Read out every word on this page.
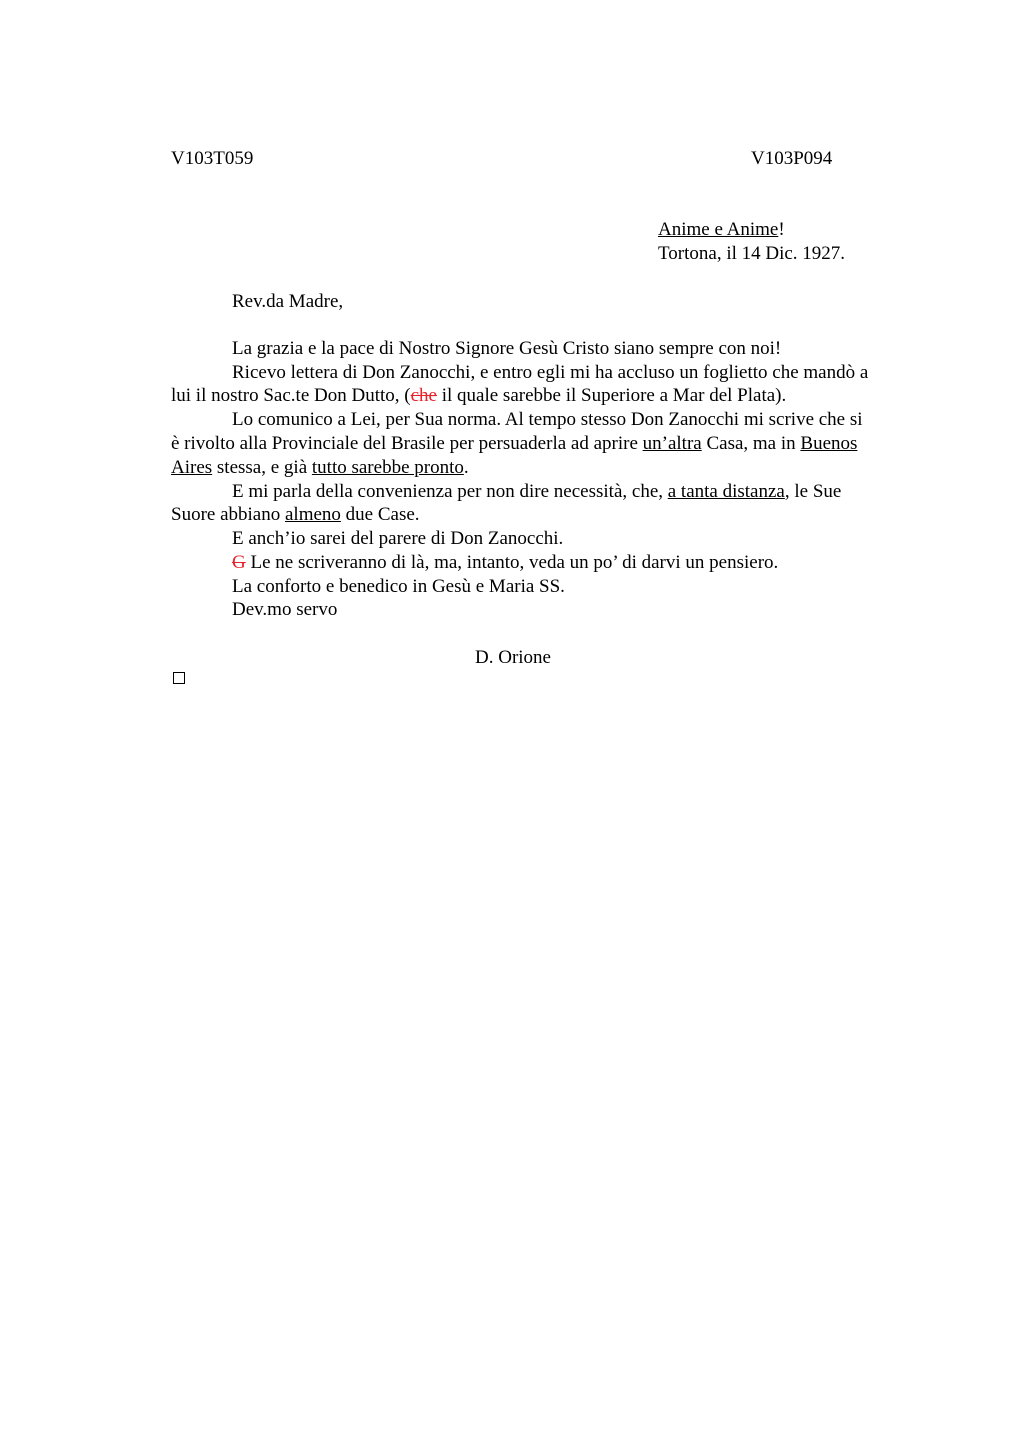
V103T059	V103P094
Anime e Anime!
Tortona, il 14 Dic. 1927.
Rev.da Madre,
La grazia e la pace di Nostro Signore Gesù Cristo siano sempre con noi!
Ricevo lettera di Don Zanocchi, e entro egli mi ha accluso un foglietto che mandò a
lui il nostro Sac.te Don Dutto, (che il quale sarebbe il Superiore a Mar del Plata).
Lo comunico a Lei, per Sua norma. Al tempo stesso Don Zanocchi mi scrive che si
è rivolto alla Provinciale del Brasile per persuaderla ad aprire un’altra Casa, ma in Buenos
Aires stessa, e già tutto sarebbe pronto.
E mi parla della convenienza per non dire necessità, che, a tanta distanza, le Sue
Suore abbiano almeno due Case.
E anch’io sarei del parere di Don Zanocchi.
G Le ne scriveranno di là, ma, intanto, veda un po’ di darvi un pensiero.
La conforto e benedico in Gesù e Maria SS.
Dev.mo servo
D. Orione
